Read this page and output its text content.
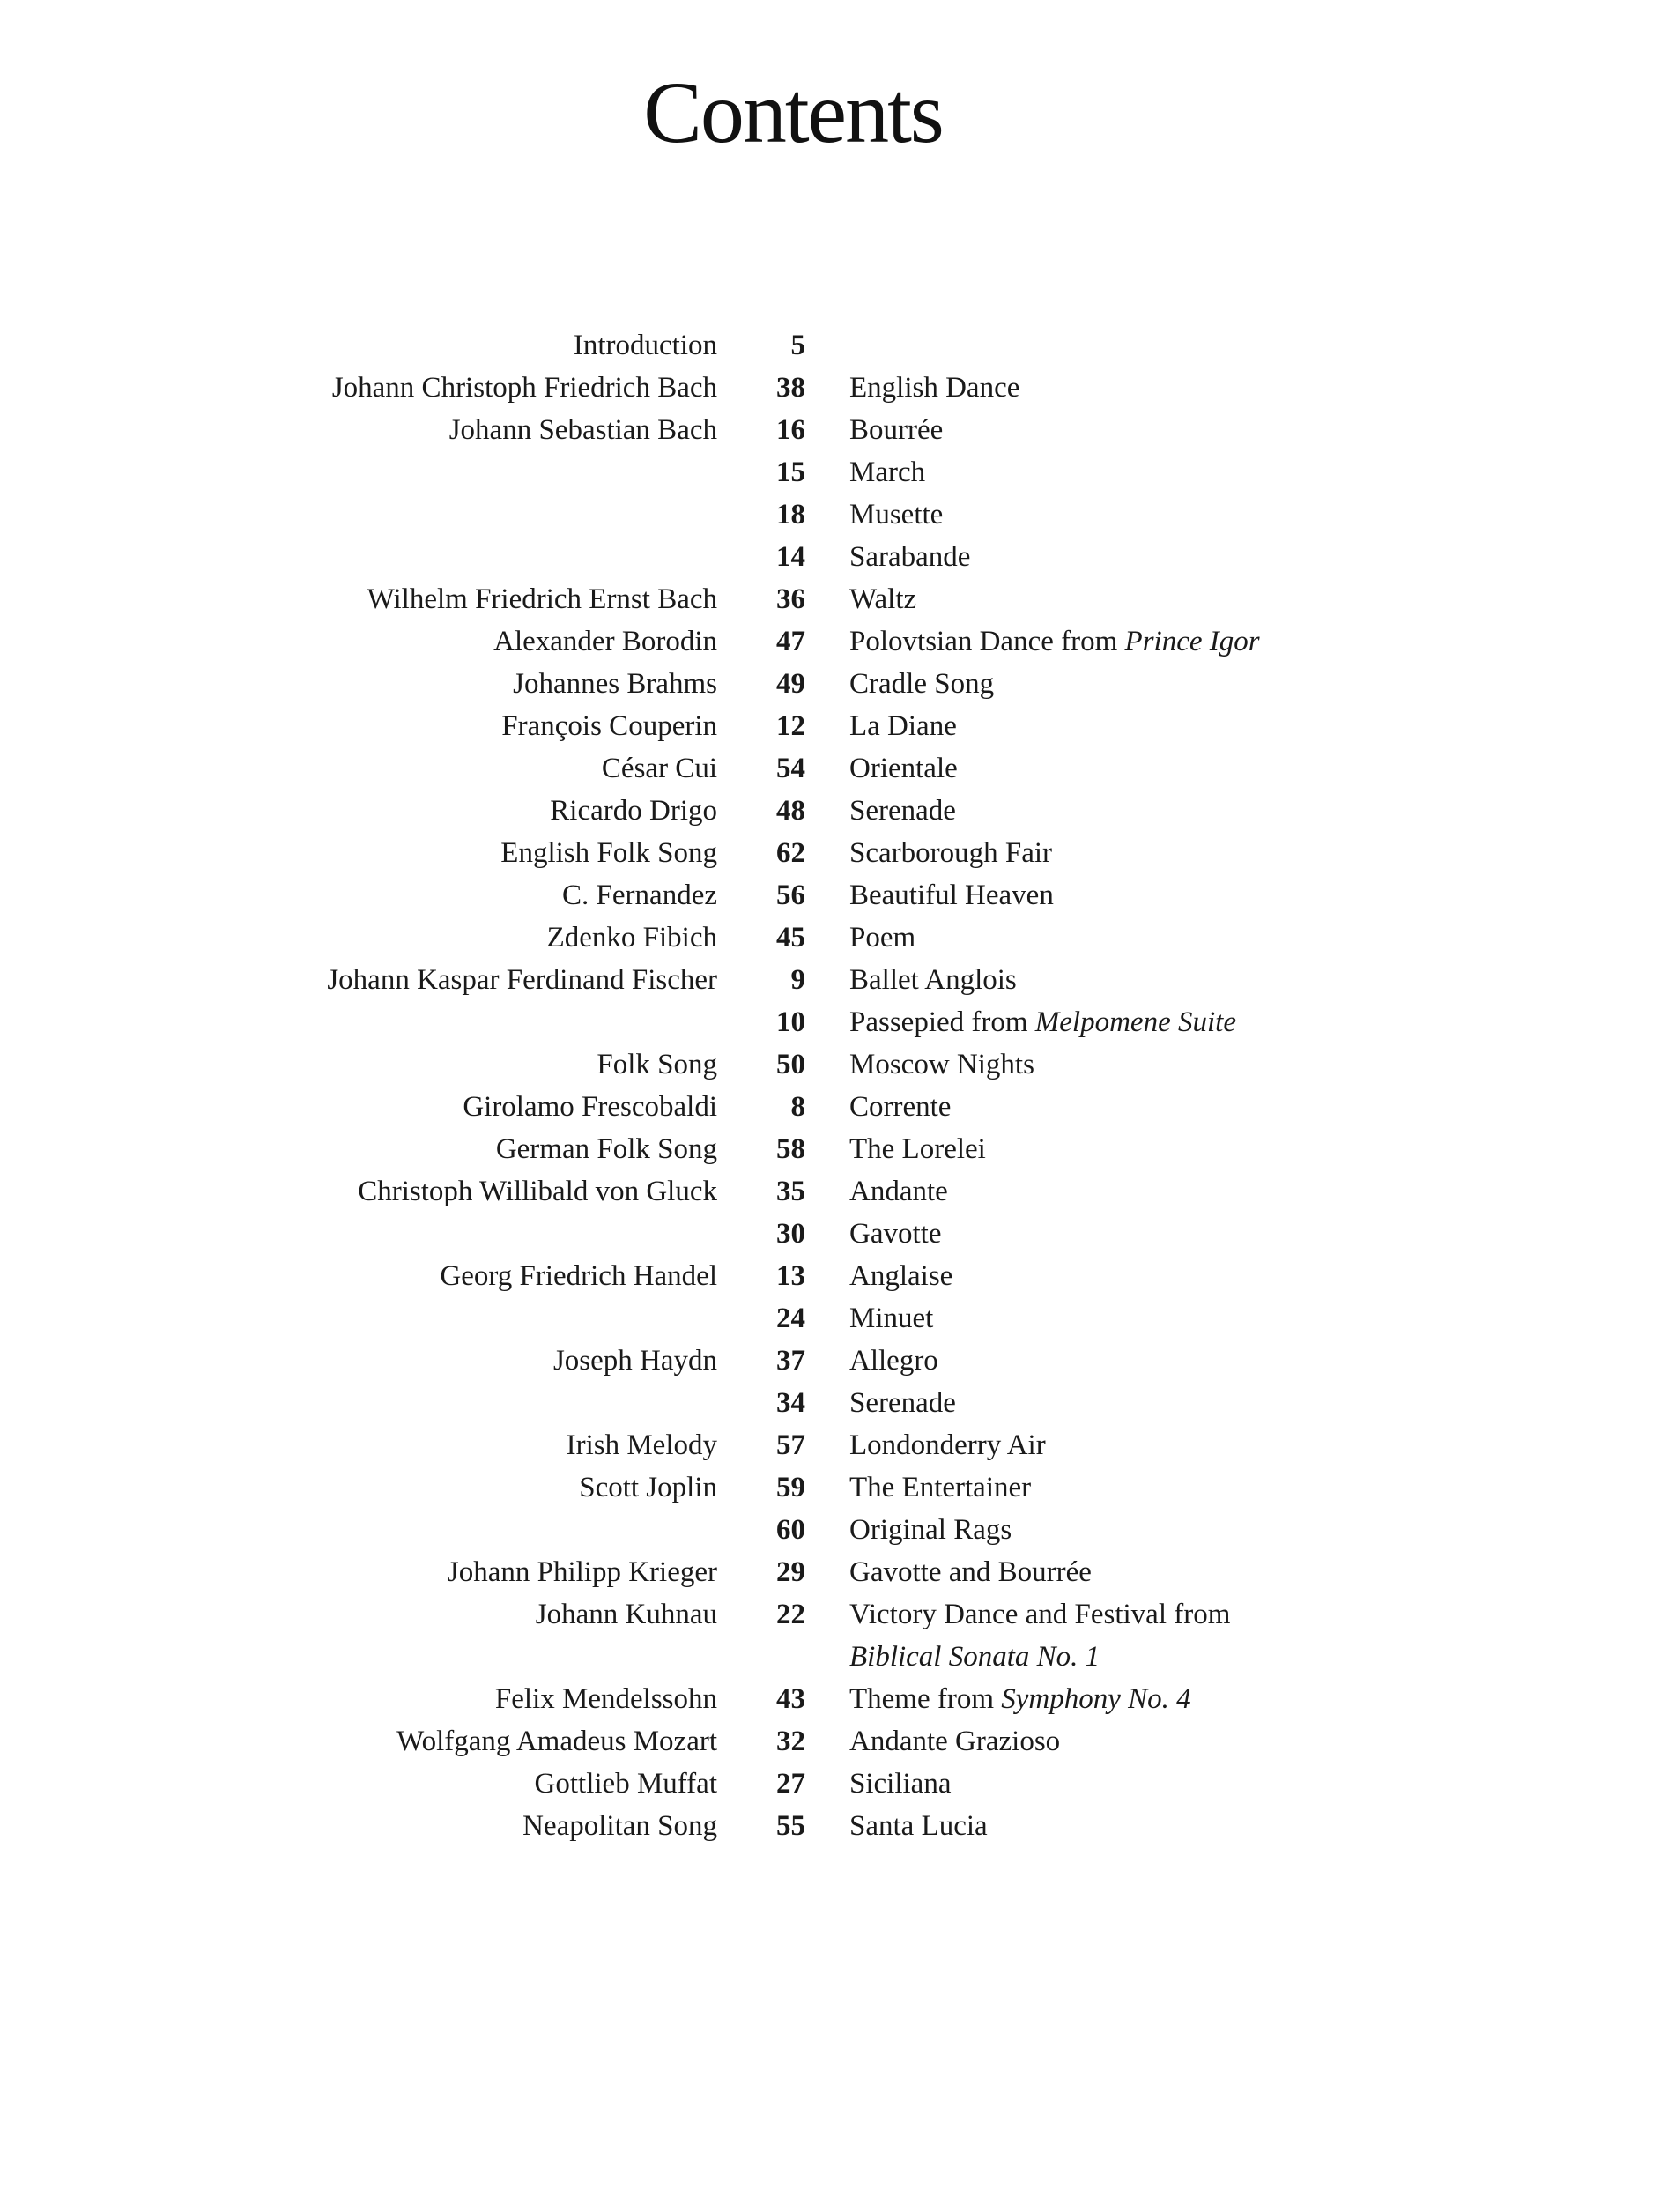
Contents
Introduction	5
Johann Christoph Friedrich Bach	38 English Dance
Johann Sebastian Bach	16 Bourrée
15 March
18 Musette
14 Sarabande
Wilhelm Friedrich Ernst Bach	36 Waltz
Alexander Borodin	47 Polovtsian Dance from Prince Igor
Johannes Brahms	49 Cradle Song
François Couperin	12 La Diane
César Cui	54 Orientale
Ricardo Drigo	48 Serenade
English Folk Song	62 Scarborough Fair
C. Fernandez	56 Beautiful Heaven
Zdenko Fibich	45 Poem
Johann Kaspar Ferdinand Fischer	9 Ballet Anglois
10 Passepied from Melpomene Suite
Folk Song	50 Moscow Nights
Girolamo Frescobaldi	8 Corrente
German Folk Song	58 The Lorelei
Christoph Willibald von Gluck	35 Andante
30 Gavotte
Georg Friedrich Handel	13 Anglaise
24 Minuet
Joseph Haydn	37 Allegro
34 Serenade
Irish Melody	57 Londonderry Air
Scott Joplin	59 The Entertainer
60 Original Rags
Johann Philipp Krieger	29 Gavotte and Bourrée
Johann Kuhnau	22 Victory Dance and Festival from
Biblical Sonata No. 1
Felix Mendelssohn	43 Theme from Symphony No. 4
Wolfgang Amadeus Mozart	32 Andante Grazioso
Gottlieb Muffat	27 Siciliana
Neapolitan Song	55 Santa Lucia
